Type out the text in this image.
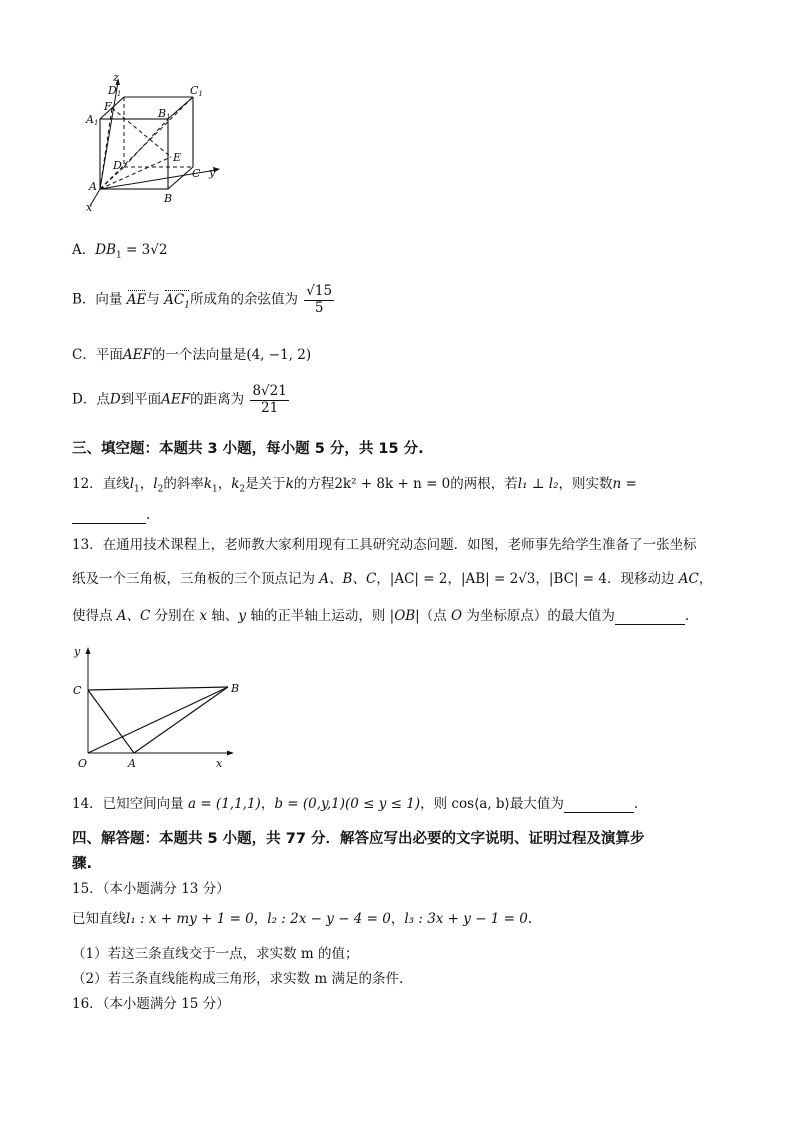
z
D1	C1
F
B1
A1
D
E
C y
A
B
x
A．$DB_1 = 3√2$
B．向量 AE与 $AC_1$所成角的余弦值为 $\frac{√15}{5}$
C．平面AEF的一个法向量是(4, −1, 2)
D．点D到平面AEF的距离为 $\frac{8√21}{21}$
三、填空题：本题共 3 小题，每小题 5 分，共 15 分.
12．直线$l_1$，$l_2$的斜率$k_1$，$k_2$是关于k的方程2k² + 8k + n = 0的两根，若l₁ ⊥ l₂，则实数n =
.
13．在通用技术课程上，老师教大家利用现有工具研究动态问题．如图，老师事先给学生准备了一张坐标
纸及一个三角板，三角板的三个顶点记为 A、B、C，|AC| = 2，|AB| = 2√3，|BC| = 4．现移动边 AC，
使得点 A、C 分别在 x 轴、y 轴的正半轴上运动，则 |OB|（点 O 为坐标原点）的最大值为	.
y
C	B
O	A	x
14．已知空间向量 a = (1,1,1)，b = (0,y,1)(0 ≤ y ≤ 1)，则 cos⟨a, b⟩最大值为	.
四、解答题：本题共 5 小题，共 77 分．解答应写出必要的文字说明、证明过程及演算步
骤.
15．（本小题满分 13 分）
已知直线l₁ : x + my + 1 = 0，l₂ : 2x − y − 4 = 0，l₃ : 3x + y − 1 = 0.
（1）若这三条直线交于一点，求实数 m 的值；
（2）若三条直线能构成三角形，求实数 m 满足的条件.
16．（本小题满分 15 分）
